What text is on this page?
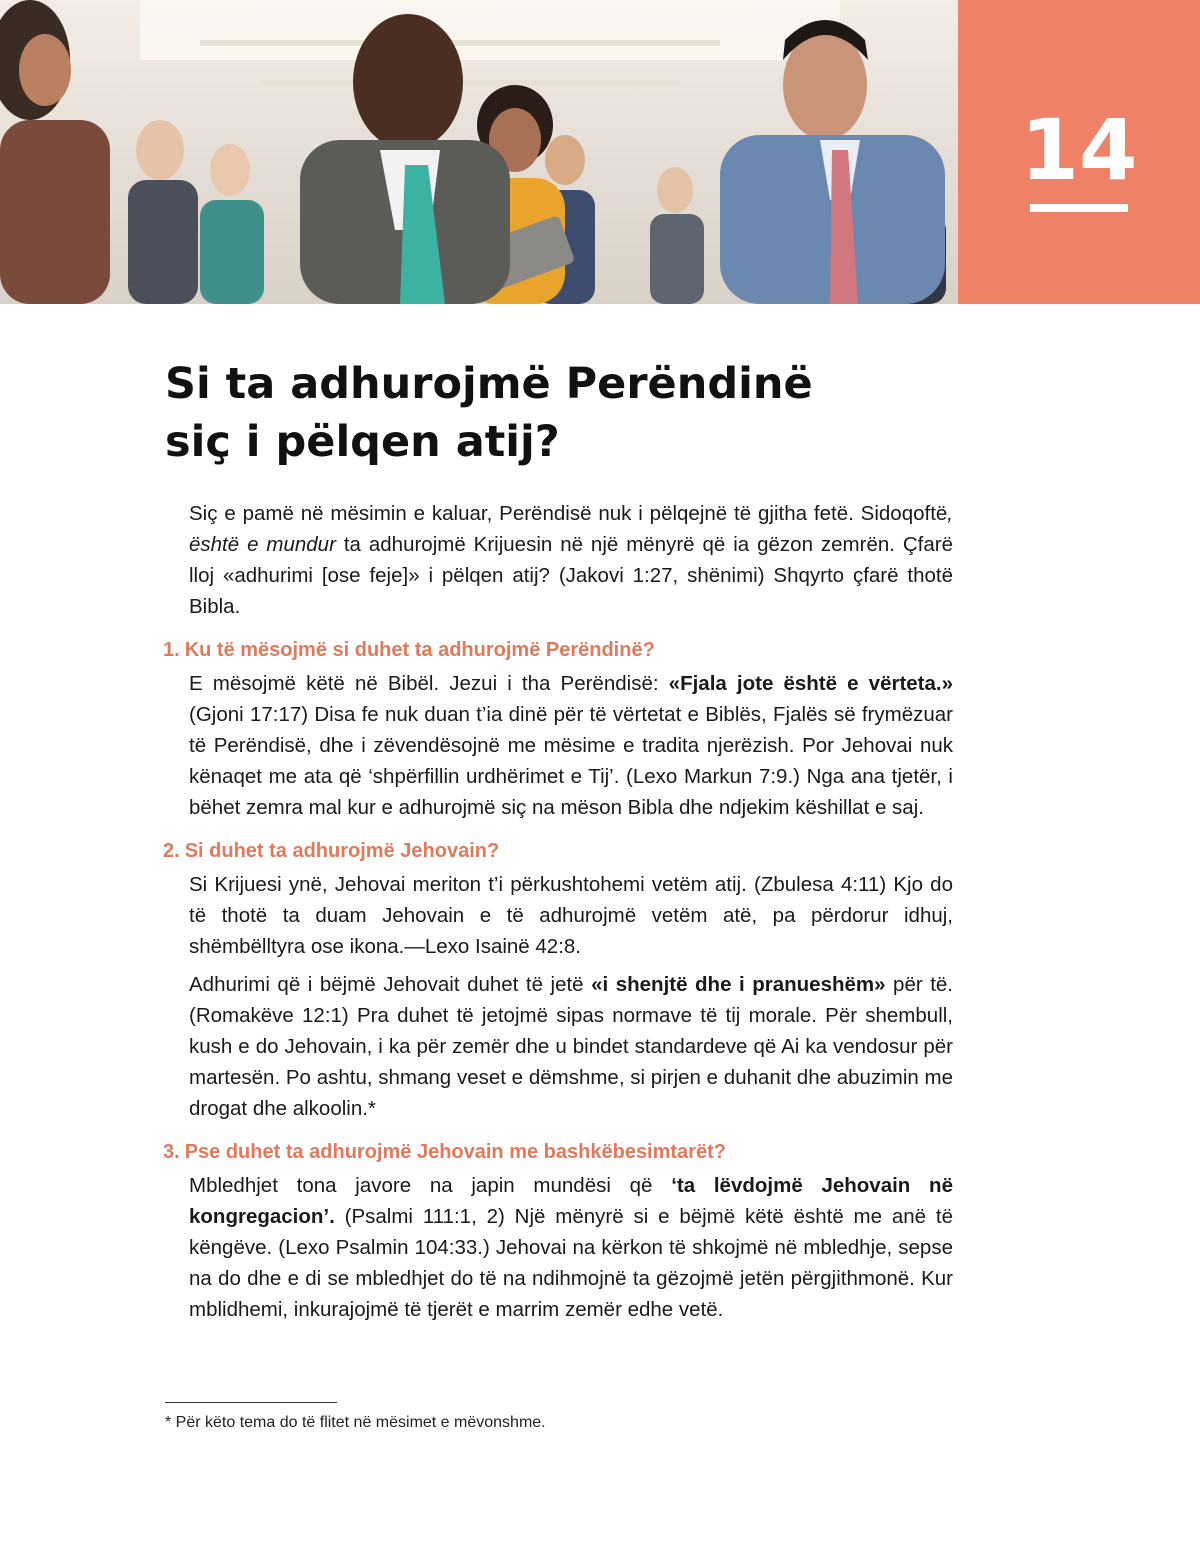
14
Si ta adhurojmë Perëndinë
siç i pëlqen atij?

Siç e pamë në mësimin e kaluar, Perëndisë nuk i pëlqejnë të gjitha fetë. Sidoqoftë, është e mundur ta adhurojmë Krijuesin në një mënyrë që ia gëzon zemrën. Çfarë lloj «adhurimi [ose feje]» i pëlqen atij? (Jakovi 1:27, shënimi) Shqyrto çfarë thotë Bibla.

1. Ku të mësojmë si duhet ta adhurojmë Perëndinë?

E mësojmë këtë në Bibël. Jezui i tha Perëndisë: «Fjala jote është e vërteta.» (Gjoni 17:17) Disa fe nuk duan t’ia dinë për të vërtetat e Biblës, Fjalës së frymëzuar të Perëndisë, dhe i zëvendësojnë me mësime e tradita njerëzish. Por Jehovai nuk kënaqet me ata që ‘shpërfillin urdhërimet e Tij’. (Lexo Markun 7:9.) Nga ana tjetër, i bëhet zemra mal kur e adhurojmë siç na mëson Bibla dhe ndjekim këshillat e saj.

2. Si duhet ta adhurojmë Jehovain?

Si Krijuesi ynë, Jehovai meriton t’i përkushtohemi vetëm atij. (Zbulesa 4:11) Kjo do të thotë ta duam Jehovain e të adhurojmë vetëm atë, pa përdorur idhuj, shëmbëlltyra ose ikona.—Lexo Isainë 42:8.

Adhurimi që i bëjmë Jehovait duhet të jetë «i shenjtë dhe i pranueshëm» për të. (Romakëve 12:1) Pra duhet të jetojmë sipas normave të tij morale. Për shembull, kush e do Jehovain, i ka për zemër dhe u bindet standardeve që Ai ka vendosur për martesën. Po ashtu, shmang veset e dëmshme, si pirjen e duhanit dhe abuzimin me drogat dhe alkoolin.*

3. Pse duhet ta adhurojmë Jehovain me bashkëbesimtarët?

Mbledhjet tona javore na japin mundësi që ‘ta lëvdojmë Jehovain në kongregacion’. (Psalmi 111:1, 2) Një mënyrë si e bëjmë këtë është me anë të këngëve. (Lexo Psalmin 104:33.) Jehovai na kërkon të shkojmë në mbledhje, sepse na do dhe e di se mbledhjet do të na ndihmojnë ta gëzojmë jetën përgjithmonë. Kur mblidhemi, inkurajojmë të tjerët e marrim zemër edhe vetë.

* Për këto tema do të flitet në mësimet e mëvonshme.
